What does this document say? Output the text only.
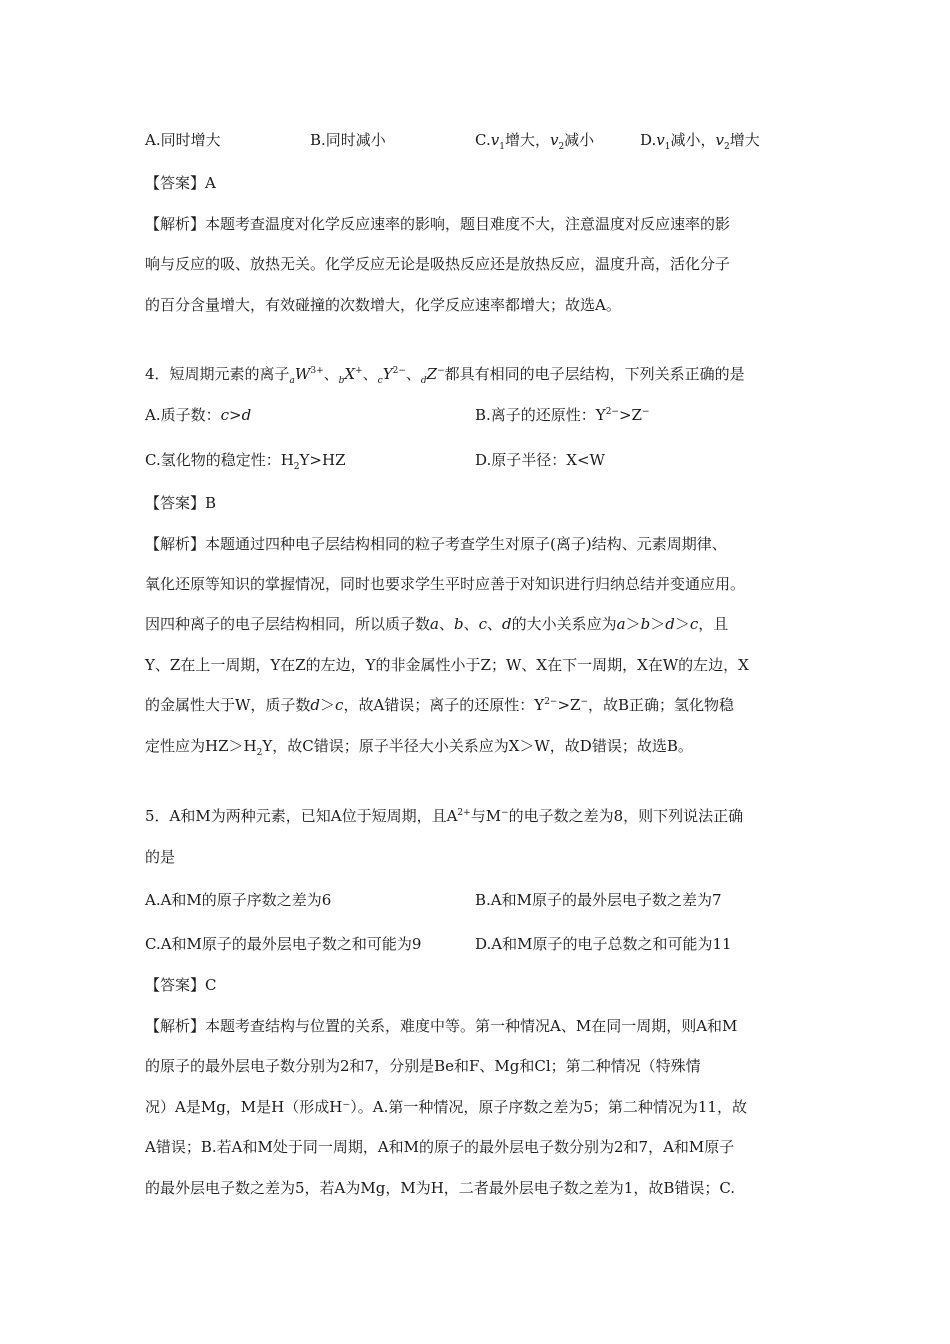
A.同时增大	B.同时减小	$C.v_1$增大，$v_2$减小	$D.v_1$减小，$v_2$增大
【答案】A
【解析】本题考查温度对化学反应速率的影响，题目难度不大，注意温度对反应速率的影
响与反应的吸、放热无关。化学反应无论是吸热反应还是放热反应，温度升高，活化分子
的百分含量增大，有效碰撞的次数增大，化学反应速率都增大；故选A。
4．短周期元素的离子$_aW^{3+}$、$_b$X+、$_cY^{2-}$、$_d$Z−都具有相同的电子层结构，下列关系正确的是
A.质子数：c>d	B.离子的还原性：$Y^{2-}>Z^-$
C.氢化物的稳定性：$H_2Y>HZ$	D.原子半径：X<W
【答案】B
【解析】本题通过四种电子层结构相同的粒子考查学生对原子(离子)结构、元素周期律、
氧化还原等知识的掌握情况，同时也要求学生平时应善于对知识进行归纳总结并变通应用。
因四种离子的电子层结构相同，所以质子数a、b、c、d的大小关系应为a＞b＞d＞c，且
Y、Z在上一周期，Y在Z的左边，Y的非金属性小于Z；W、X在下一周期，X在W的左边，X
的金属性大于W，质子数d＞c，故A错误；离子的还原性：$Y^{2-}>Z^-$，故B正确；氢化物稳
定性应为$HZ>H_2Y$，故C错误；原子半径大小关系应为X＞W，故D错误；故选B。
5．A和M为两种元素，已知A位于短周期，且$A^{2+}$与M−的电子数之差为8，则下列说法正确
的是
A.A和M的原子序数之差为6	B.A和M原子的最外层电子数之差为7
C.A和M原子的最外层电子数之和可能为9	D.A和M原子的电子总数之和可能为11
【答案】C
【解析】本题考查结构与位置的关系，难度中等。第一种情况A、M在同一周期，则A和M
的原子的最外层电子数分别为2和7，分别是Be和F、Mg和Cl；第二种情况（特殊情
况）A是Mg，M是H（形成H⁻）。A.第一种情况，原子序数之差为5；第二种情况为11，故
A错误；B.若A和M处于同一周期，A和M的原子的最外层电子数分别为2和7，A和M原子
的最外层电子数之差为5，若A为Mg，M为H，二者最外层电子数之差为1，故B错误；C.
